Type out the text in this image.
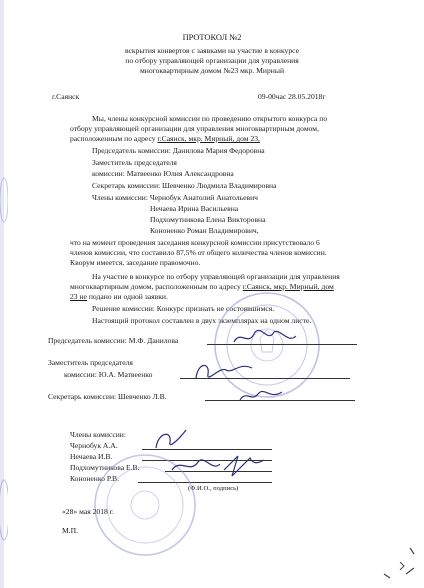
ПРОТОКОЛ №2
вскрытия конвертов с заявками на участие в конкурсе
по отбору управляющей организации для управления
многоквартирным домом №23 мкр. Мирный
г.Саянск	09-00час 28.05.2018г
Мы, члены конкурсной комиссии по проведению открытого конкурса по
отбору управляющей организации для управления многоквартирным домом,
расположенным по адресу г.Саянск, мкр. Мирный, дом 23,
Председатель комиссии: Данилова Мария Федоровна
Заместитель председателя
комиссии: Матвеенко Юлия Александровна
Секретарь комиссии: Шевченко Людмила Владимировна
Члены комиссии: Чернобук Анатолий Анатольевич
Нечаева Ирина Васильевна
Подхомутникова Елена Викторовна
Кононенко Роман Владимирович,
что на момент проведения заседания конкурсной комиссии присутствовало 6
членов комиссии, что составило 87,5% от общего количества членов комиссии.
Кворум имеется, заседание правомочно.
На участие в конкурсе по отбору управляющей организации для управления
многоквартирным домом, расположенным по адресу г.Саянск, мкр. Мирный, дом
23 не подано ни одной заявки.
Решение комиссии: Конкурс признать не состоявшимся.
Настоящий протокол составлен в двух экземплярах на одном листе.
Председатель комиссии: М.Ф. Данилова
Заместитель председателя
комиссии: Ю.А. Матвеенко
Секретарь комиссии: Шевченко Л.В.
Члены комиссии:
Чернобук А.А.
Нечаева И.В.
Подхомутникова Е.В.
Кононенко Р.В.
(Ф.И.О., подпись)
«28» мая 2018 г.
М.П.
